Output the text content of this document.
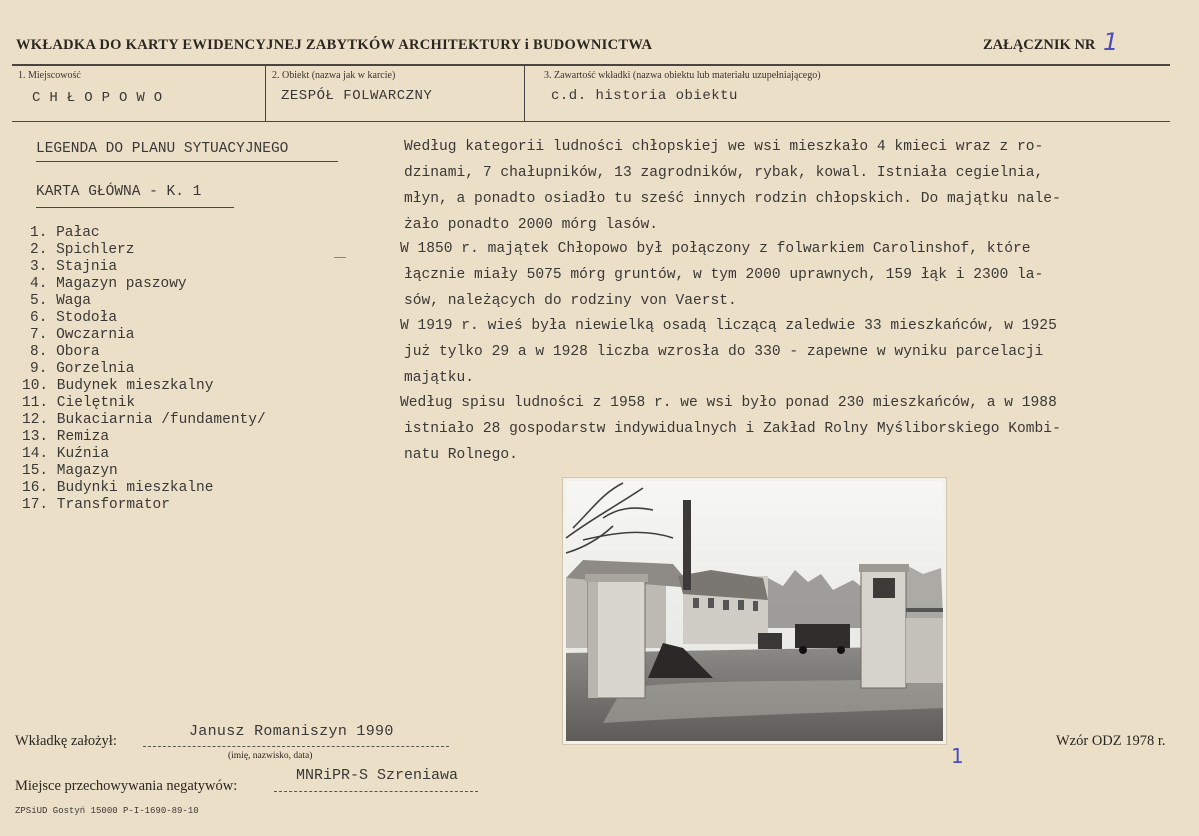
WKŁADKA DO KARTY EWIDENCYJNEJ ZABYTKÓW ARCHITEKTURY i BUDOWNICTWA	ZAŁĄCZNIK NR 1
1. Miejscowość
CHŁOPOWO
2. Obiekt (nazwa jak w karcie)
ZESPÓŁ FOLWARCZNY
3. Zawartość wkładki (nazwa obiektu lub materiału uzupełniającego)
c.d. historia obiektu
LEGENDA DO PLANU SYTUACYJNEGO
KARTA GŁÓWNA - K. 1
1. Pałac
2. Spichlerz
3. Stajnia
4. Magazyn paszowy
5. Waga
6. Stodoła
7. Owczarnia
8. Obora
9. Gorzelnia
10. Budynek mieszkalny
11. Cielętnik
12. Bukaciarnia /fundamenty/
13. Remiza
14. Kuźnia
15. Magazyn
16. Budynki mieszkalne
17. Transformator
Według kategorii ludności chłopskiej we wsi mieszkało 4 kmieci wraz z ro-
dzinami, 7 chałupników, 13 zagrodników, rybak, kowal. Istniała cegielnia,
młyn, a ponadto osiadło tu sześć innych rodzin chłopskich. Do majątku nale-
żało ponadto 2000 mórg lasów.
W 1850 r. majątek Chłopowo był połączony z folwarkiem Carolinshof, które
łącznie miały 5075 mórg gruntów, w tym 2000 uprawnych, 159 łąk i 2300 la-
sów, należących do rodziny von Vaerst.
W 1919 r. wieś była niewielką osadą liczącą zaledwie 33 mieszkańców, w 1925
już tylko 29 a w 1928 liczba wzrosła do 330 - zapewne w wyniku parcelacji
majątku.
Według spisu ludności z 1958 r. we wsi było ponad 230 mieszkańców, a w 1988
istniało 28 gospodarstw indywidualnych i Zakład Rolny Myśliborskiego Kombi-
natu Rolnego.
Wkładkę założył:
Janusz Romaniszyn 1990
(imię, nazwisko, data)
Miejsce przechowywania negatywów:
MNRiPR-S Szreniawa
ZPSiUD Gostyń 15000 P-I-1690-89-10
Wzór ODZ 1978 r.
1
